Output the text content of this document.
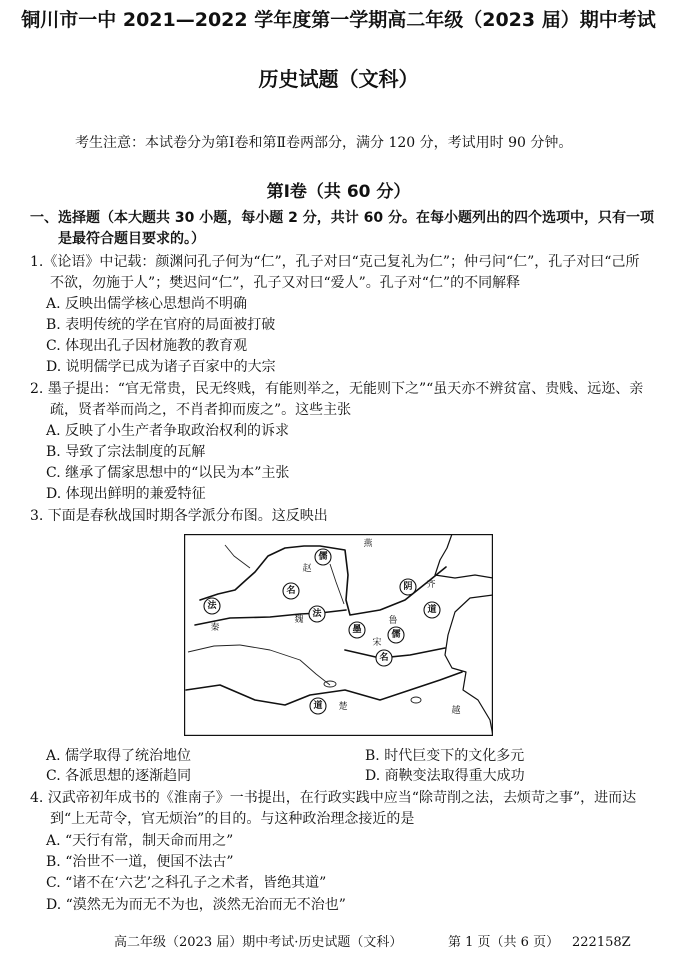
铜川市一中 2021—2022 学年度第一学期高二年级（2023 届）期中考试
历史试题（文科）
考生注意：本试卷分为第Ⅰ卷和第Ⅱ卷两部分，满分 120 分，考试用时 90 分钟。
第Ⅰ卷（共 60 分）
一、选择题（本大题共 30 小题，每小题 2 分，共计 60 分。在每小题列出的四个选项中，只有一项
是最符合题目要求的。）
1.《论语》中记载：颜渊问孔子何为“仁”，孔子对曰“克己复礼为仁”；仲弓问“仁”，孔子对曰“己所
不欲，勿施于人”；樊迟问“仁”，孔子又对曰“爱人”。孔子对“仁”的不同解释
A. 反映出儒学核心思想尚不明确
B. 表明传统的学在官府的局面被打破
C. 体现出孔子因材施教的教育观
D. 说明儒学已成为诸子百家中的大宗
2. 墨子提出：“官无常贵，民无终贱，有能则举之，无能则下之”“虽天亦不辨贫富、贵贱、远迩、亲
疏，贤者举而尚之，不肖者抑而废之”。这些主张
A. 反映了小生产者争取政治权利的诉求
B. 导致了宗法制度的瓦解
C. 继承了儒家思想中的“以民为本”主张
D. 体现出鲜明的兼爱特征
3. 下面是春秋战国时期各学派分布图。这反映出
燕
赵
齐
秦
魏	鲁
宋
楚	越
儒
名
法
法
阴
道
墨	儒
名
道
A. 儒学取得了统治地位	B. 时代巨变下的文化多元
C. 各派思想的逐渐趋同	D. 商鞅变法取得重大成功
4. 汉武帝初年成书的《淮南子》一书提出，在行政实践中应当“除苛削之法，去烦苛之事”，进而达
到“上无苛令，官无烦治”的目的。与这种政治理念接近的是
A. “天行有常，制天命而用之”
B. “治世不一道，便国不法古”
C. “诸不在‘六艺’之科孔子之术者，皆绝其道”
D. “漠然无为而无不为也，淡然无治而无不治也”
高二年级（2023 届）期中考试·历史试题（文科）	第 1 页（共 6 页） 222158Z
